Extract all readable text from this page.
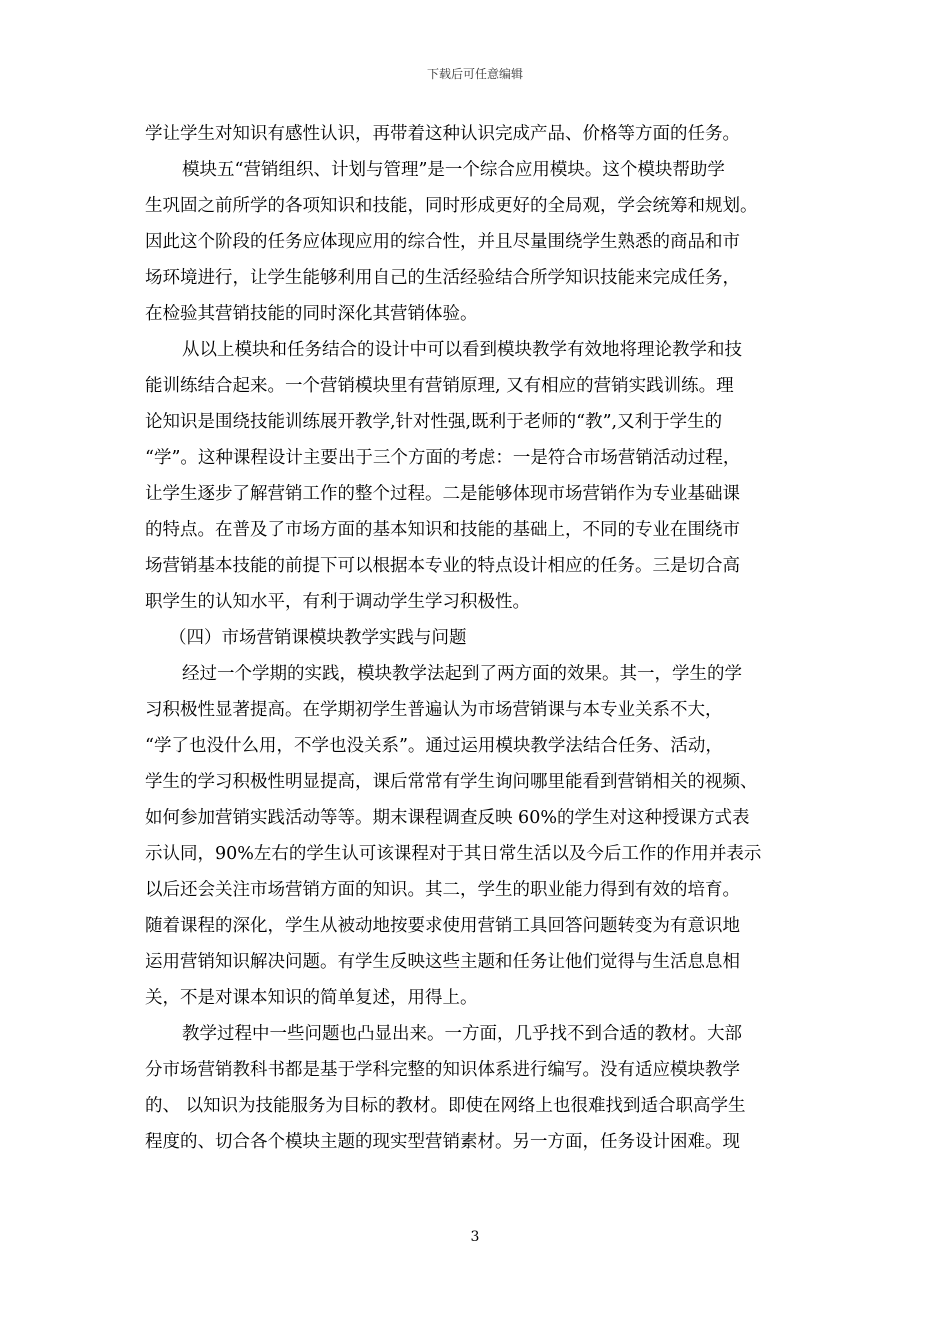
下载后可任意编辑
学让学生对知识有感性认识，再带着这种认识完成产品、价格等方面的任务。
模块五“营销组织、计划与管理”是一个综合应用模块。这个模块帮助学
生巩固之前所学的各项知识和技能，同时形成更好的全局观，学会统筹和规划。
因此这个阶段的任务应体现应用的综合性，并且尽量围绕学生熟悉的商品和市
场环境进行，让学生能够利用自己的生活经验结合所学知识技能来完成任务，
在检验其营销技能的同时深化其营销体验。
从以上模块和任务结合的设计中可以看到模块教学有效地将理论教学和技
能训练结合起来。一个营销模块里有营销原理, 又有相应的营销实践训练。理
论知识是围绕技能训练展开教学,针对性强,既利于老师的“教”,又利于学生的
“学”。这种课程设计主要出于三个方面的考虑：一是符合市场营销活动过程，
让学生逐步了解营销工作的整个过程。二是能够体现市场营销作为专业基础课
的特点。在普及了市场方面的基本知识和技能的基础上，不同的专业在围绕市
场营销基本技能的前提下可以根据本专业的特点设计相应的任务。三是切合高
职学生的认知水平，有利于调动学生学习积极性。
（四）市场营销课模块教学实践与问题
经过一个学期的实践，模块教学法起到了两方面的效果。其一，学生的学
习积极性显著提高。在学期初学生普遍认为市场营销课与本专业关系不大，
“学了也没什么用，不学也没关系”。通过运用模块教学法结合任务、活动，
学生的学习积极性明显提高，课后常常有学生询问哪里能看到营销相关的视频、
如何参加营销实践活动等等。期末课程调查反映 60%的学生对这种授课方式表
示认同，90%左右的学生认可该课程对于其日常生活以及今后工作的作用并表示
以后还会关注市场营销方面的知识。其二，学生的职业能力得到有效的培育。
随着课程的深化，学生从被动地按要求使用营销工具回答问题转变为有意识地
运用营销知识解决问题。有学生反映这些主题和任务让他们觉得与生活息息相
关，不是对课本知识的简单复述，用得上。
教学过程中一些问题也凸显出来。一方面，几乎找不到合适的教材。大部
分市场营销教科书都是基于学科完整的知识体系进行编写。没有适应模块教学
的、 以知识为技能服务为目标的教材。即使在网络上也很难找到适合职高学生
程度的、切合各个模块主题的现实型营销素材。另一方面，任务设计困难。现
3
